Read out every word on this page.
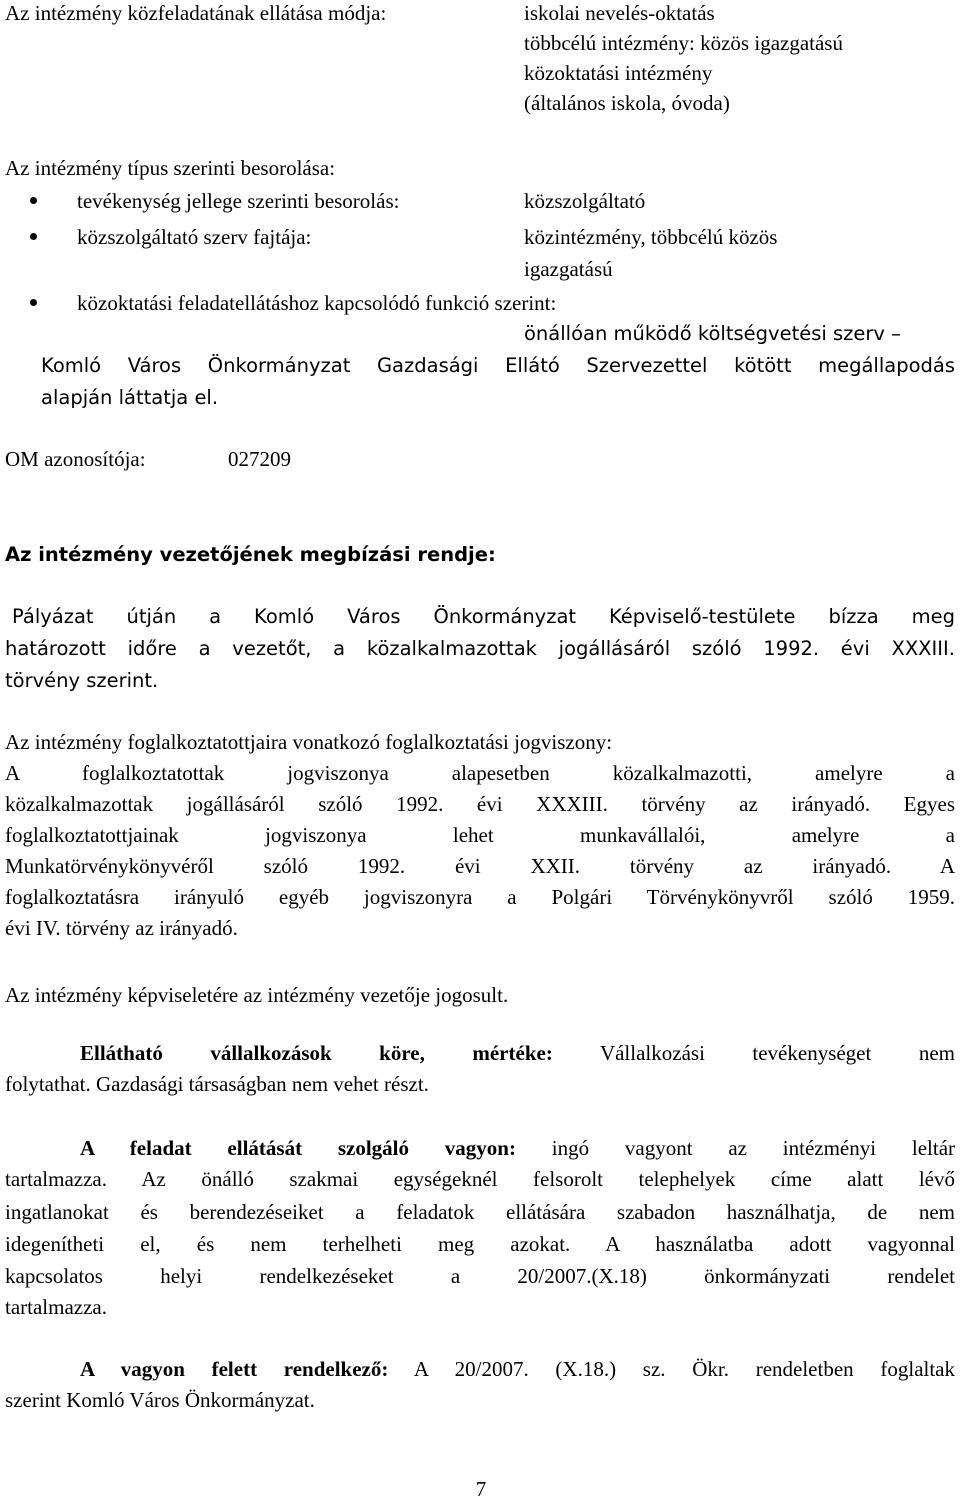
Az intézmény közfeladatának ellátása módja:	iskolai nevelés-oktatás
többcélú intézmény: közös igazgatású
közoktatási intézmény
(általános iskola, óvoda)
Az intézmény típus szerinti besorolása:
tevékenység jellege szerinti besorolás:	közszolgáltató
közszolgáltató szerv fajtája:	közintézmény, többcélú közös
igazgatású
közoktatási feladatellátáshoz kapcsolódó funkció szerint:
önállóan működő költségvetési szerv –
Komló Város Önkormányzat Gazdasági Ellátó Szervezettel kötött megállapodás
alapján láttatja el.
OM azonosítója:	027209
Az intézmény vezetőjének megbízási rendje:
Pályázat útján a Komló Város Önkormányzat Képviselő-testülete bízza meg
határozott időre a vezetőt, a közalkalmazottak jogállásáról szóló 1992. évi XXXIII.
törvény szerint.
Az intézmény foglalkoztatottjaira vonatkozó foglalkoztatási jogviszony:
A foglalkoztatottak jogviszonya alapesetben közalkalmazotti, amelyre a
közalkalmazottak jogállásáról szóló 1992. évi XXXIII. törvény az irányadó. Egyes
foglalkoztatottjainak jogviszonya lehet munkavállalói, amelyre a
Munkatörvénykönyvéről szóló 1992. évi XXII. törvény az irányadó. A
foglalkoztatásra irányuló egyéb jogviszonyra a Polgári Törvénykönyvről szóló 1959.
évi IV. törvény az irányadó.
Az intézmény képviseletére az intézmény vezetője jogosult.
Ellátható vállalkozások köre, mértéke: Vállalkozási tevékenységet nem
folytathat. Gazdasági társaságban nem vehet részt.
A feladat ellátását szolgáló vagyon: ingó vagyont az intézményi leltár
tartalmazza. Az önálló szakmai egységeknél felsorolt telephelyek címe alatt lévő
ingatlanokat és berendezéseiket a feladatok ellátására szabadon használhatja, de nem
idegenítheti el, és nem terhelheti meg azokat. A használatba adott vagyonnal
kapcsolatos helyi rendelkezéseket a 20/2007.(X.18) önkormányzati rendelet
tartalmazza.
A vagyon felett rendelkező: A 20/2007. (X.18.) sz. Ökr. rendeletben foglaltak
szerint Komló Város Önkormányzat.
7
